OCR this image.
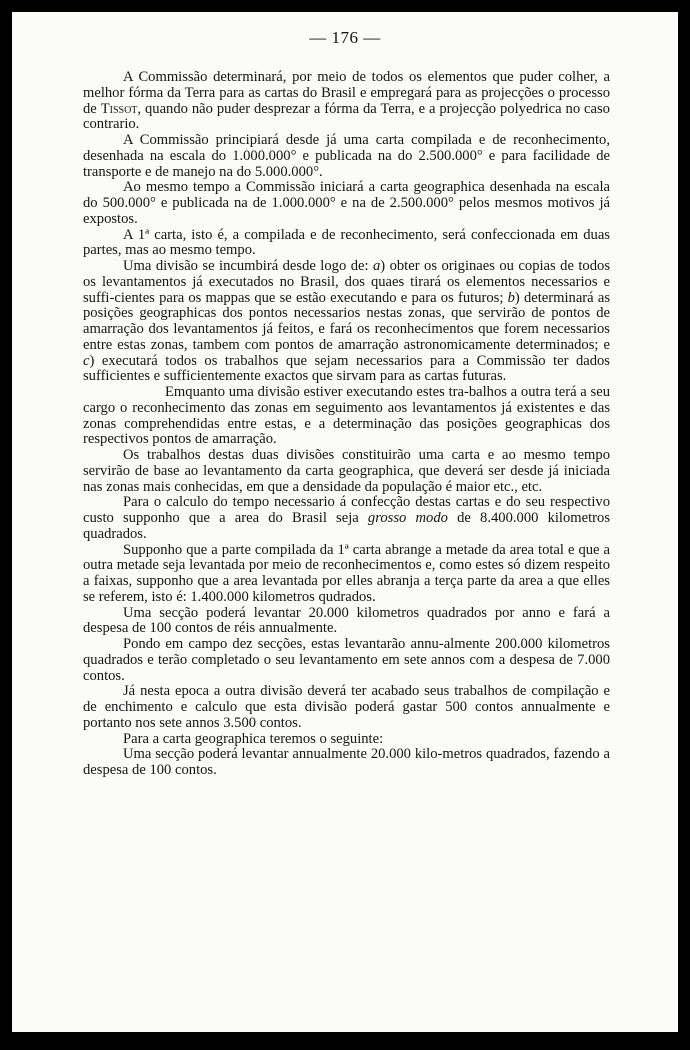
— 176 —

A Commissão determinará, por meio de todos os elementos que puder colher, a melhor fórma da Terra para as cartas do Brasil e empregará para as projecções o processo de Tissot, quando não puder desprezar a fórma da Terra, e a projecção polyedrica no caso contrario.

A Commissão principiará desde já uma carta compilada e de reconhecimento, desenhada na escala do 1.000.000° e publicada na do 2.500.000° e para facilidade de transporte e de manejo na do 5.000.000°.

Ao mesmo tempo a Commissão iniciará a carta geographica desenhada na escala do 500.000° e publicada na de 1.000.000° e na de 2.500.000° pelos mesmos motivos já expostos.

A 1ª carta, isto é, a compilada e de reconhecimento, será confeccionada em duas partes, mas ao mesmo tempo.

Uma divisão se incumbirá desde logo de: a) obter os originaes ou copias de todos os levantamentos já executados no Brasil, dos quaes tirará os elementos necessarios e suffi-cientes para os mappas que se estão executando e para os futuros; b) determinará as posições geographicas dos pontos necessarios nestas zonas, que servirão de pontos de amarração dos levantamentos já feitos, e fará os reconhecimentos que forem necessarios entre estas zonas, tambem com pontos de amarração astronomicamente determinados; e c) executará todos os trabalhos que sejam necessarios para a Commissão ter dados sufficientes e sufficientemente exactos que sirvam para as cartas futuras.

Emquanto uma divisão estiver executando estes tra-balhos a outra terá a seu cargo o reconhecimento das zonas em seguimento aos levantamentos já existentes e das zonas comprehendidas entre estas, e a determinação das posições geographicas dos respectivos pontos de amarração.

Os trabalhos destas duas divisões constituirão uma carta e ao mesmo tempo servirão de base ao levantamento da carta geographica, que deverá ser desde já iniciada nas zonas mais conhecidas, em que a densidade da população é maior etc., etc.

Para o calculo do tempo necessario á confecção destas cartas e do seu respectivo custo supponho que a area do Brasil seja grosso modo de 8.400.000 kilometros quadrados.

Supponho que a parte compilada da 1ª carta abrange a metade da area total e que a outra metade seja levantada por meio de reconhecimentos e, como estes só dizem respeito a faixas, supponho que a area levantada por elles abranja a terça parte da area a que elles se referem, isto é: 1.400.000 kilometros qudrados.

Uma secção poderá levantar 20.000 kilometros quadrados por anno e fará a despesa de 100 contos de réis annualmente.

Pondo em campo dez secções, estas levantarão annu-almente 200.000 kilometros quadrados e terão completado o seu levantamento em sete annos com a despesa de 7.000 contos.

Já nesta epoca a outra divisão deverá ter acabado seus trabalhos de compilação e de enchimento e calculo que esta divisão poderá gastar 500 contos annualmente e portanto nos sete annos 3.500 contos.

Para a carta geographica teremos o seguinte:

Uma secção poderá levantar annualmente 20.000 kilo-metros quadrados, fazendo a despesa de 100 contos.
